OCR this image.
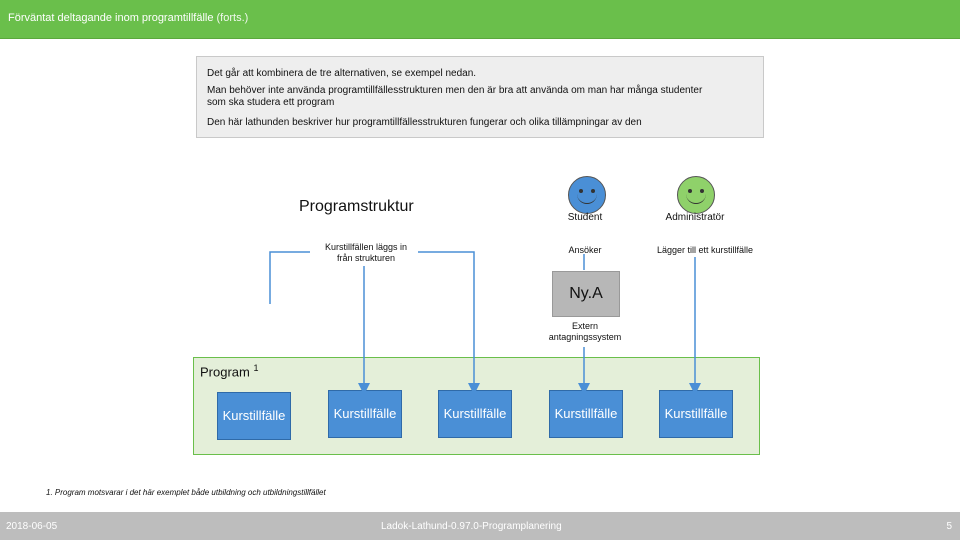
Förväntat deltagande inom programtillfälle (forts.)

Det går att kombinera de tre alternativen, se exempel nedan.

Man behöver inte använda programtillfällesstrukturen men den är bra att använda om man har många studenter

som ska studera ett program

Den här lathunden beskriver hur programtillfällesstrukturen fungerar och olika tillämpningar av den

Programstruktur
Kurstillfällen läggs in
från strukturen
Student
Ansöker
Administratör
Lägger till ett kurstillfälle
Ny.A
Extern
antagningssystem
Program $^1$
Kurstillfälle	Kurstillfälle	Kurstillfälle	Kurstillfälle	Kurstillfälle
1. Program motsvarar i det här exemplet både utbildning och utbildningstillfället
2018-06-05	Ladok-Lathund-0.97.0-Programplanering	5
